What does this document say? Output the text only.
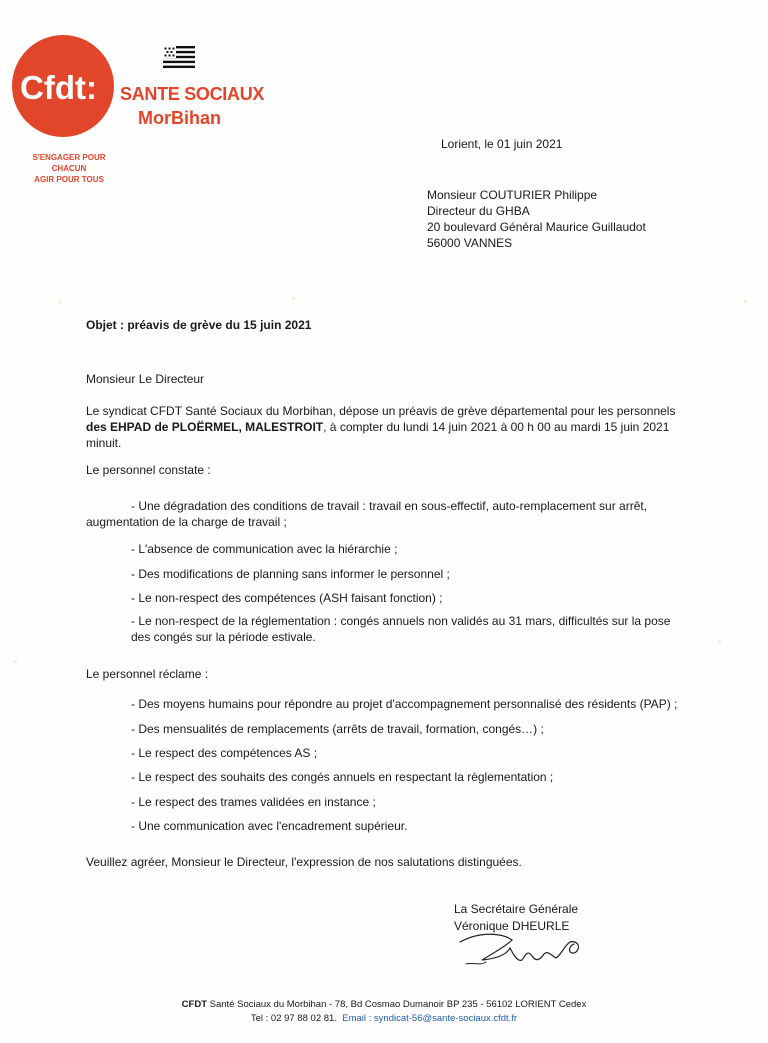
Cfdt: SANTE SOCIAUX
MorBihan
S'ENGAGER POUR CHACUN
AGIR POUR TOUS
Lorient, le 01 juin 2021
Monsieur COUTURIER Philippe
Directeur du GHBA
20 boulevard Général Maurice Guillaudot
56000 VANNES
Objet : préavis de grève du 15 juin 2021
Monsieur Le Directeur
Le syndicat CFDT Santé Sociaux du Morbihan, dépose un préavis de grève départemental pour les personnels
des EHPAD de PLOËRMEL, MALESTROIT, à compter du lundi 14 juin 2021 à 00 h 00 au mardi 15 juin 2021
minuit.
Le personnel constate :
- Une dégradation des conditions de travail : travail en sous-effectif, auto-remplacement sur arrêt,
augmentation de la charge de travail ;
- L'absence de communication avec la hiérarchie ;
- Des modifications de planning sans informer le personnel ;
- Le non-respect des compétences (ASH faisant fonction) ;
- Le non-respect de la réglementation : congés annuels non validés au 31 mars, difficultés sur la pose
des congés sur la période estivale.
Le personnel réclame :
- Des moyens humains pour répondre au projet d'accompagnement personnalisé des résidents (PAP) ;
- Des mensualités de remplacements (arrêts de travail, formation, congés…) ;
- Le respect des compétences AS ;
- Le respect des souhaits des congés annuels en respectant la règlementation ;
- Le respect des trames validées en instance ;
- Une communication avec l'encadrement supérieur.
Veuillez agréer, Monsieur le Directeur, l'expression de nos salutations distinguées.
La Secrétaire Générale
Véronique DHEURLE
CFDT Santé Sociaux du Morbihan - 78, Bd Cosmao Dumanoir BP 235 - 56102 LORIENT Cedex
Tel : 02 97 88 02 81. Email : syndicat-56@sante-sociaux.cfdt.fr
